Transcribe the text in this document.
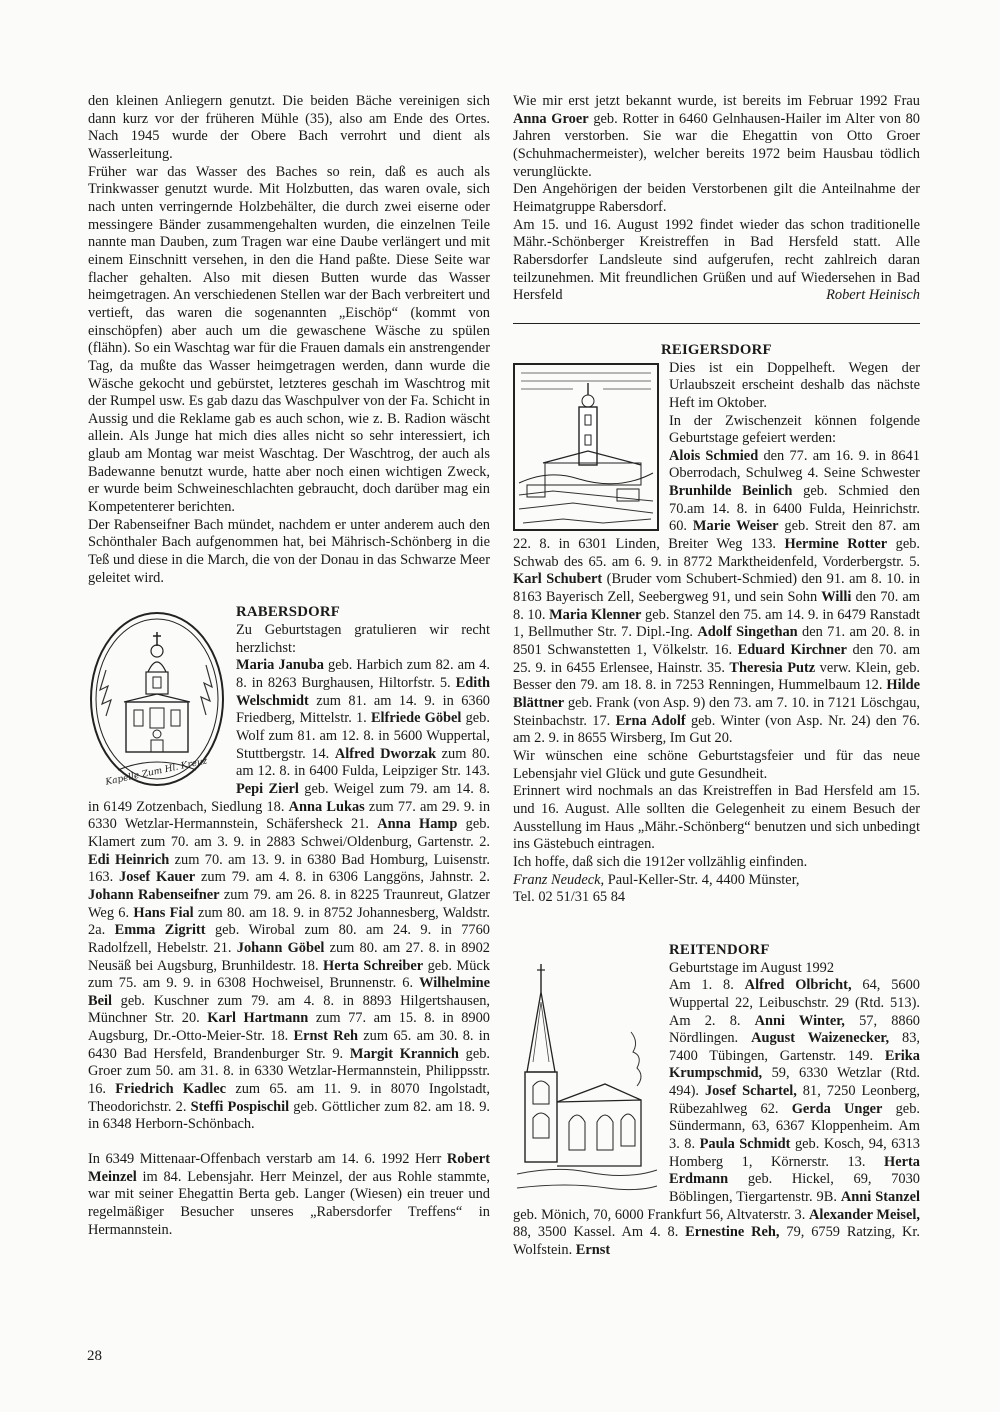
den kleinen Anliegern genutzt. Die beiden Bäche vereinigen sich dann kurz vor der früheren Mühle (35), also am Ende des Ortes. Nach 1945 wurde der Obere Bach verrohrt und dient als Wasserleitung.

Früher war das Wasser des Baches so rein, daß es auch als Trinkwasser genutzt wurde. Mit Holzbutten, das waren ovale, sich nach unten verringernde Holzbehälter, die durch zwei eiserne oder messingere Bänder zusammengehalten wurden, die einzelnen Teile nannte man Dauben, zum Tragen war eine Daube verlängert und mit einem Einschnitt versehen, in den die Hand paßte. Diese Seite war flacher gehalten. Also mit diesen Butten wurde das Wasser heimgetragen. An verschiedenen Stellen war der Bach verbreitert und vertieft, das waren die sogenannten „Eischöp“ (kommt von einschöpfen) aber auch um die gewaschene Wäsche zu spülen (flähn). So ein Waschtag war für die Frauen damals ein anstrengender Tag, da mußte das Wasser heimgetragen werden, dann wurde die Wäsche gekocht und gebürstet, letzteres geschah im Waschtrog mit der Rumpel usw. Es gab dazu das Waschpulver von der Fa. Schicht in Aussig und die Reklame gab es auch schon, wie z. B. Radion wäscht allein. Als Junge hat mich dies alles nicht so sehr interessiert, ich glaub am Montag war meist Waschtag. Der Waschtrog, der auch als Badewanne benutzt wurde, hatte aber noch einen wichtigen Zweck, er wurde beim Schweineschlachten gebraucht, doch darüber mag ein Kompetenterer berichten.

Der Rabenseifner Bach mündet, nachdem er unter anderem auch den Schönthaler Bach aufgenommen hat, bei Mährisch-Schönberg in die Teß und diese in die March, die von der Donau in das Schwarze Meer geleitet wird.

Kapelle Zum Hl. Kreuz

RABERSDORF

Zu Geburtstagen gratulieren wir recht herzlichst:

Maria Januba geb. Harbich zum 82. am 4. 8. in 8263 Burghausen, Hiltorfstr. 5. Edith Welschmidt zum 81. am 14. 9. in 6360 Friedberg, Mittelstr. 1. Elfriede Göbel geb. Wolf zum 81. am 12. 8. in 5600 Wuppertal, Stuttbergstr. 14. Alfred Dworzak zum 80. am 12. 8. in 6400 Fulda, Leipziger Str. 143. Pepi Zierl geb. Weigel zum 79. am 14. 8. in 6149 Zotzenbach, Siedlung 18. Anna Lukas zum 77. am 29. 9. in 6330 Wetzlar-Hermannstein, Schäfersheck 21. Anna Hamp geb. Klamert zum 70. am 3. 9. in 2883 Schwei/Oldenburg, Gartenstr. 2. Edi Heinrich zum 70. am 13. 9. in 6380 Bad Homburg, Luisenstr. 163. Josef Kauer zum 79. am 4. 8. in 6306 Langgöns, Jahnstr. 2. Johann Rabenseifner zum 79. am 26. 8. in 8225 Traunreut, Glatzer Weg 6. Hans Fial zum 80. am 18. 9. in 8752 Johannesberg, Waldstr. 2a. Emma Zigritt geb. Wirobal zum 80. am 24. 9. in 7760 Radolfzell, Hebelstr. 21. Johann Göbel zum 80. am 27. 8. in 8902 Neusäß bei Augsburg, Brunhildestr. 18. Herta Schreiber geb. Mück zum 75. am 9. 9. in 6308 Hochweisel, Brunnenstr. 6. Wilhelmine Beil geb. Kuschner zum 79. am 4. 8. in 8893 Hilgertshausen, Münchner Str. 20. Karl Hartmann zum 77. am 15. 8. in 8900 Augsburg, Dr.-Otto-Meier-Str. 18. Ernst Reh zum 65. am 30. 8. in 6430 Bad Hersfeld, Brandenburger Str. 9. Margit Krannich geb. Groer zum 50. am 31. 8. in 6330 Wetzlar-Hermannstein, Philippsstr. 16. Friedrich Kadlec zum 65. am 11. 9. in 8070 Ingolstadt, Theodorichstr. 2. Steffi Pospischil geb. Göttlicher zum 82. am 18. 9. in 6348 Herborn-Schönbach.

In 6349 Mittenaar-Offenbach verstarb am 14. 6. 1992 Herr Robert Meinzel im 84. Lebensjahr. Herr Meinzel, der aus Rohle stammte, war mit seiner Ehegattin Berta geb. Langer (Wiesen) ein treuer und regelmäßiger Besucher unseres „Rabersdorfer Treffens“ in Hermannstein.

Wie mir erst jetzt bekannt wurde, ist bereits im Februar 1992 Frau Anna Groer geb. Rotter in 6460 Gelnhausen-Hailer im Alter von 80 Jahren verstorben. Sie war die Ehegattin von Otto Groer (Schuhmachermeister), welcher bereits 1972 beim Hausbau tödlich verunglückte.

Den Angehörigen der beiden Verstorbenen gilt die Anteilnahme der Heimatgruppe Rabersdorf.

Am 15. und 16. August 1992 findet wieder das schon traditionelle Mähr.-Schönberger Kreistreffen in Bad Hersfeld statt. Alle Rabersdorfer Landsleute sind aufgerufen, recht zahlreich daran teilzunehmen. Mit freundlichen Grüßen und auf Wiedersehen in Bad Hersfeld	Robert Heinisch

REIGERSDORF

Dies ist ein Doppelheft. Wegen der Urlaubszeit erscheint deshalb das nächste Heft im Oktober.

In der Zwischenzeit können folgende Geburtstage gefeiert werden:

Alois Schmied den 77. am 16. 9. in 8641 Oberrodach, Schulweg 4. Seine Schwester Brunhilde Beinlich geb. Schmied den 70.am 14. 8. in 6400 Fulda, Heinrichstr. 60. Marie Weiser geb. Streit den 87. am 22. 8. in 6301 Linden, Breiter Weg 133. Hermine Rotter geb. Schwab des 65. am 6. 9. in 8772 Marktheidenfeld, Vorderbergstr. 5. Karl Schubert (Bruder vom Schubert-Schmied) den 91. am 8. 10. in 8163 Bayerisch Zell, Seebergweg 91, und sein Sohn Willi den 70. am 8. 10. Maria Klenner geb. Stanzel den 75. am 14. 9. in 6479 Ranstadt 1, Bellmuther Str. 7. Dipl.-Ing. Adolf Singethan den 71. am 20. 8. in 8501 Schwanstetten 1, Völkelstr. 16. Eduard Kirchner den 70. am 25. 9. in 6455 Erlensee, Hainstr. 35. Theresia Putz verw. Klein, geb. Besser den 79. am 18. 8. in 7253 Renningen, Hummelbaum 12. Hilde Blättner geb. Frank (von Asp. 9) den 73. am 7. 10. in 7121 Löschgau, Steinbachstr. 17. Erna Adolf geb. Winter (von Asp. Nr. 24) den 76. am 2. 9. in 8655 Wirsberg, Im Gut 20.

Wir wünschen eine schöne Geburtstagsfeier und für das neue Lebensjahr viel Glück und gute Gesundheit.

Erinnert wird nochmals an das Kreistreffen in Bad Hersfeld am 15. und 16. August. Alle sollten die Gelegenheit zu einem Besuch der Ausstellung im Haus „Mähr.-Schönberg“ benutzen und sich unbedingt ins Gästebuch eintragen.

Ich hoffe, daß sich die 1912er vollzählig einfinden.

Franz Neudeck, Paul-Keller-Str. 4, 4400 Münster,

Tel. 02 51/31 65 84

REITENDORF

Geburtstage im August 1992

Am 1. 8. Alfred Olbricht, 64, 5600 Wuppertal 22, Leibuschstr. 29 (Rtd. 513). Am 2. 8. Anni Winter, 57, 8860 Nördlingen. August Waizenecker, 83, 7400 Tübingen, Gartenstr. 149. Erika Krumpschmid, 59, 6330 Wetzlar (Rtd. 494). Josef Schartel, 81, 7250 Leonberg, Rübezahlweg 62. Gerda Unger geb. Sündermann, 63, 6367 Kloppenheim. Am 3. 8. Paula Schmidt geb. Kosch, 94, 6313 Homberg 1, Körnerstr. 13. Herta Erdmann geb. Hickel, 69, 7030 Böblingen, Tiergartenstr. 9B. Anni Stanzel geb. Mönich, 70, 6000 Frankfurt 56, Altvaterstr. 3. Alexander Meisel, 88, 3500 Kassel. Am 4. 8. Ernestine Reh, 79, 6759 Ratzing, Kr. Wolfstein. Ernst

28
